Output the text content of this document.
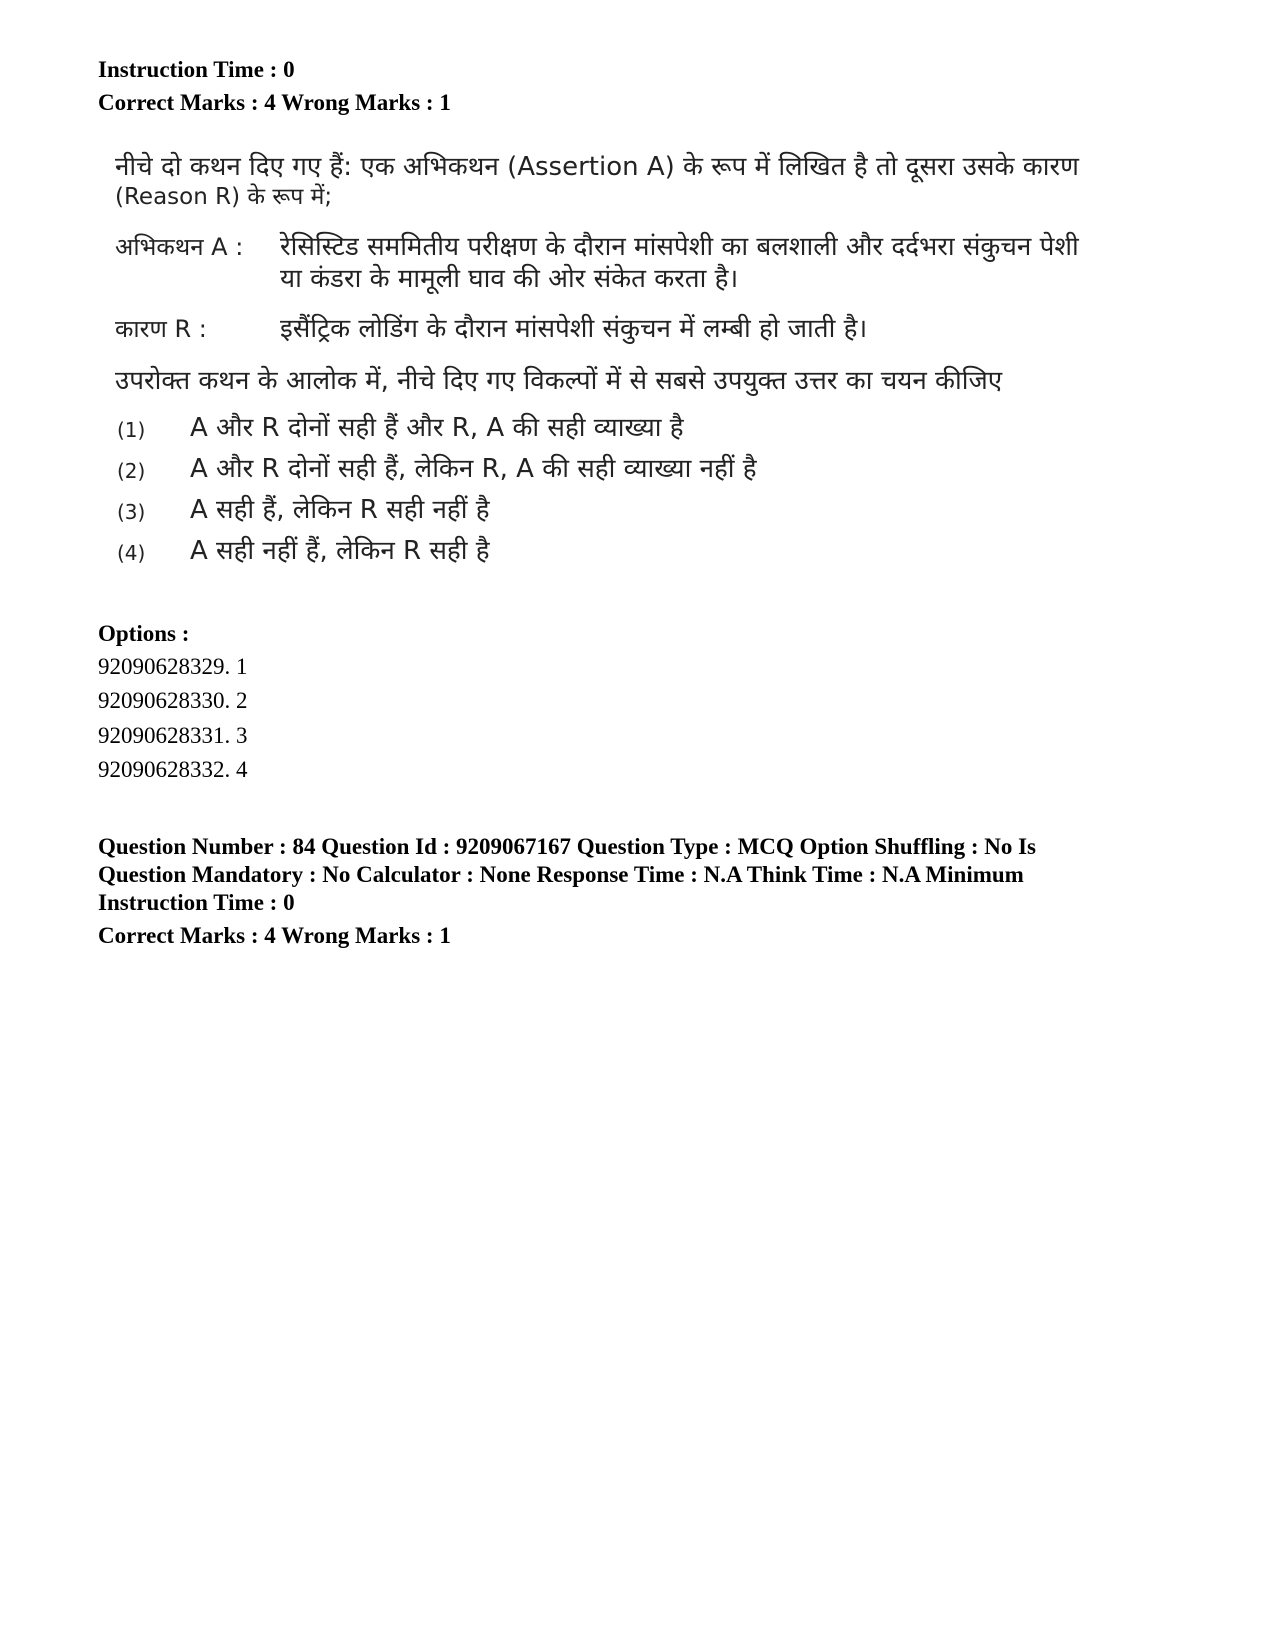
Instruction Time : 0
Correct Marks : 4 Wrong Marks : 1
नीचे दो कथन दिए गए हैं: एक अभिकथन (Assertion A) के रूप में लिखित है तो दूसरा उसके कारण
(Reason R) के रूप में;
अभिकथन A : रेसिस्टिड सममितीय परीक्षण के दौरान मांसपेशी का बलशाली और दर्दभरा संकुचन पेशी
या कंडरा के मामूली घाव की ओर संकेत करता है।
कारण R :	इसैंट्रिक लोडिंग के दौरान मांसपेशी संकुचन में लम्बी हो जाती है।
उपरोक्त कथन के आलोक में, नीचे दिए गए विकल्पों में से सबसे उपयुक्त उत्तर का चयन कीजिए
(1) A और R दोनों सही हैं और R, A की सही व्याख्या है
(2) A और R दोनों सही हैं, लेकिन R, A की सही व्याख्या नहीं है
(3) A सही हैं, लेकिन R सही नहीं है
(4) A सही नहीं हैं, लेकिन R सही है
Options :
92090628329. 1
92090628330. 2
92090628331. 3
92090628332. 4
Question Number : 84 Question Id : 9209067167 Question Type : MCQ Option Shuffling : No Is
Question Mandatory : No Calculator : None Response Time : N.A Think Time : N.A Minimum
Instruction Time : 0
Correct Marks : 4 Wrong Marks : 1
